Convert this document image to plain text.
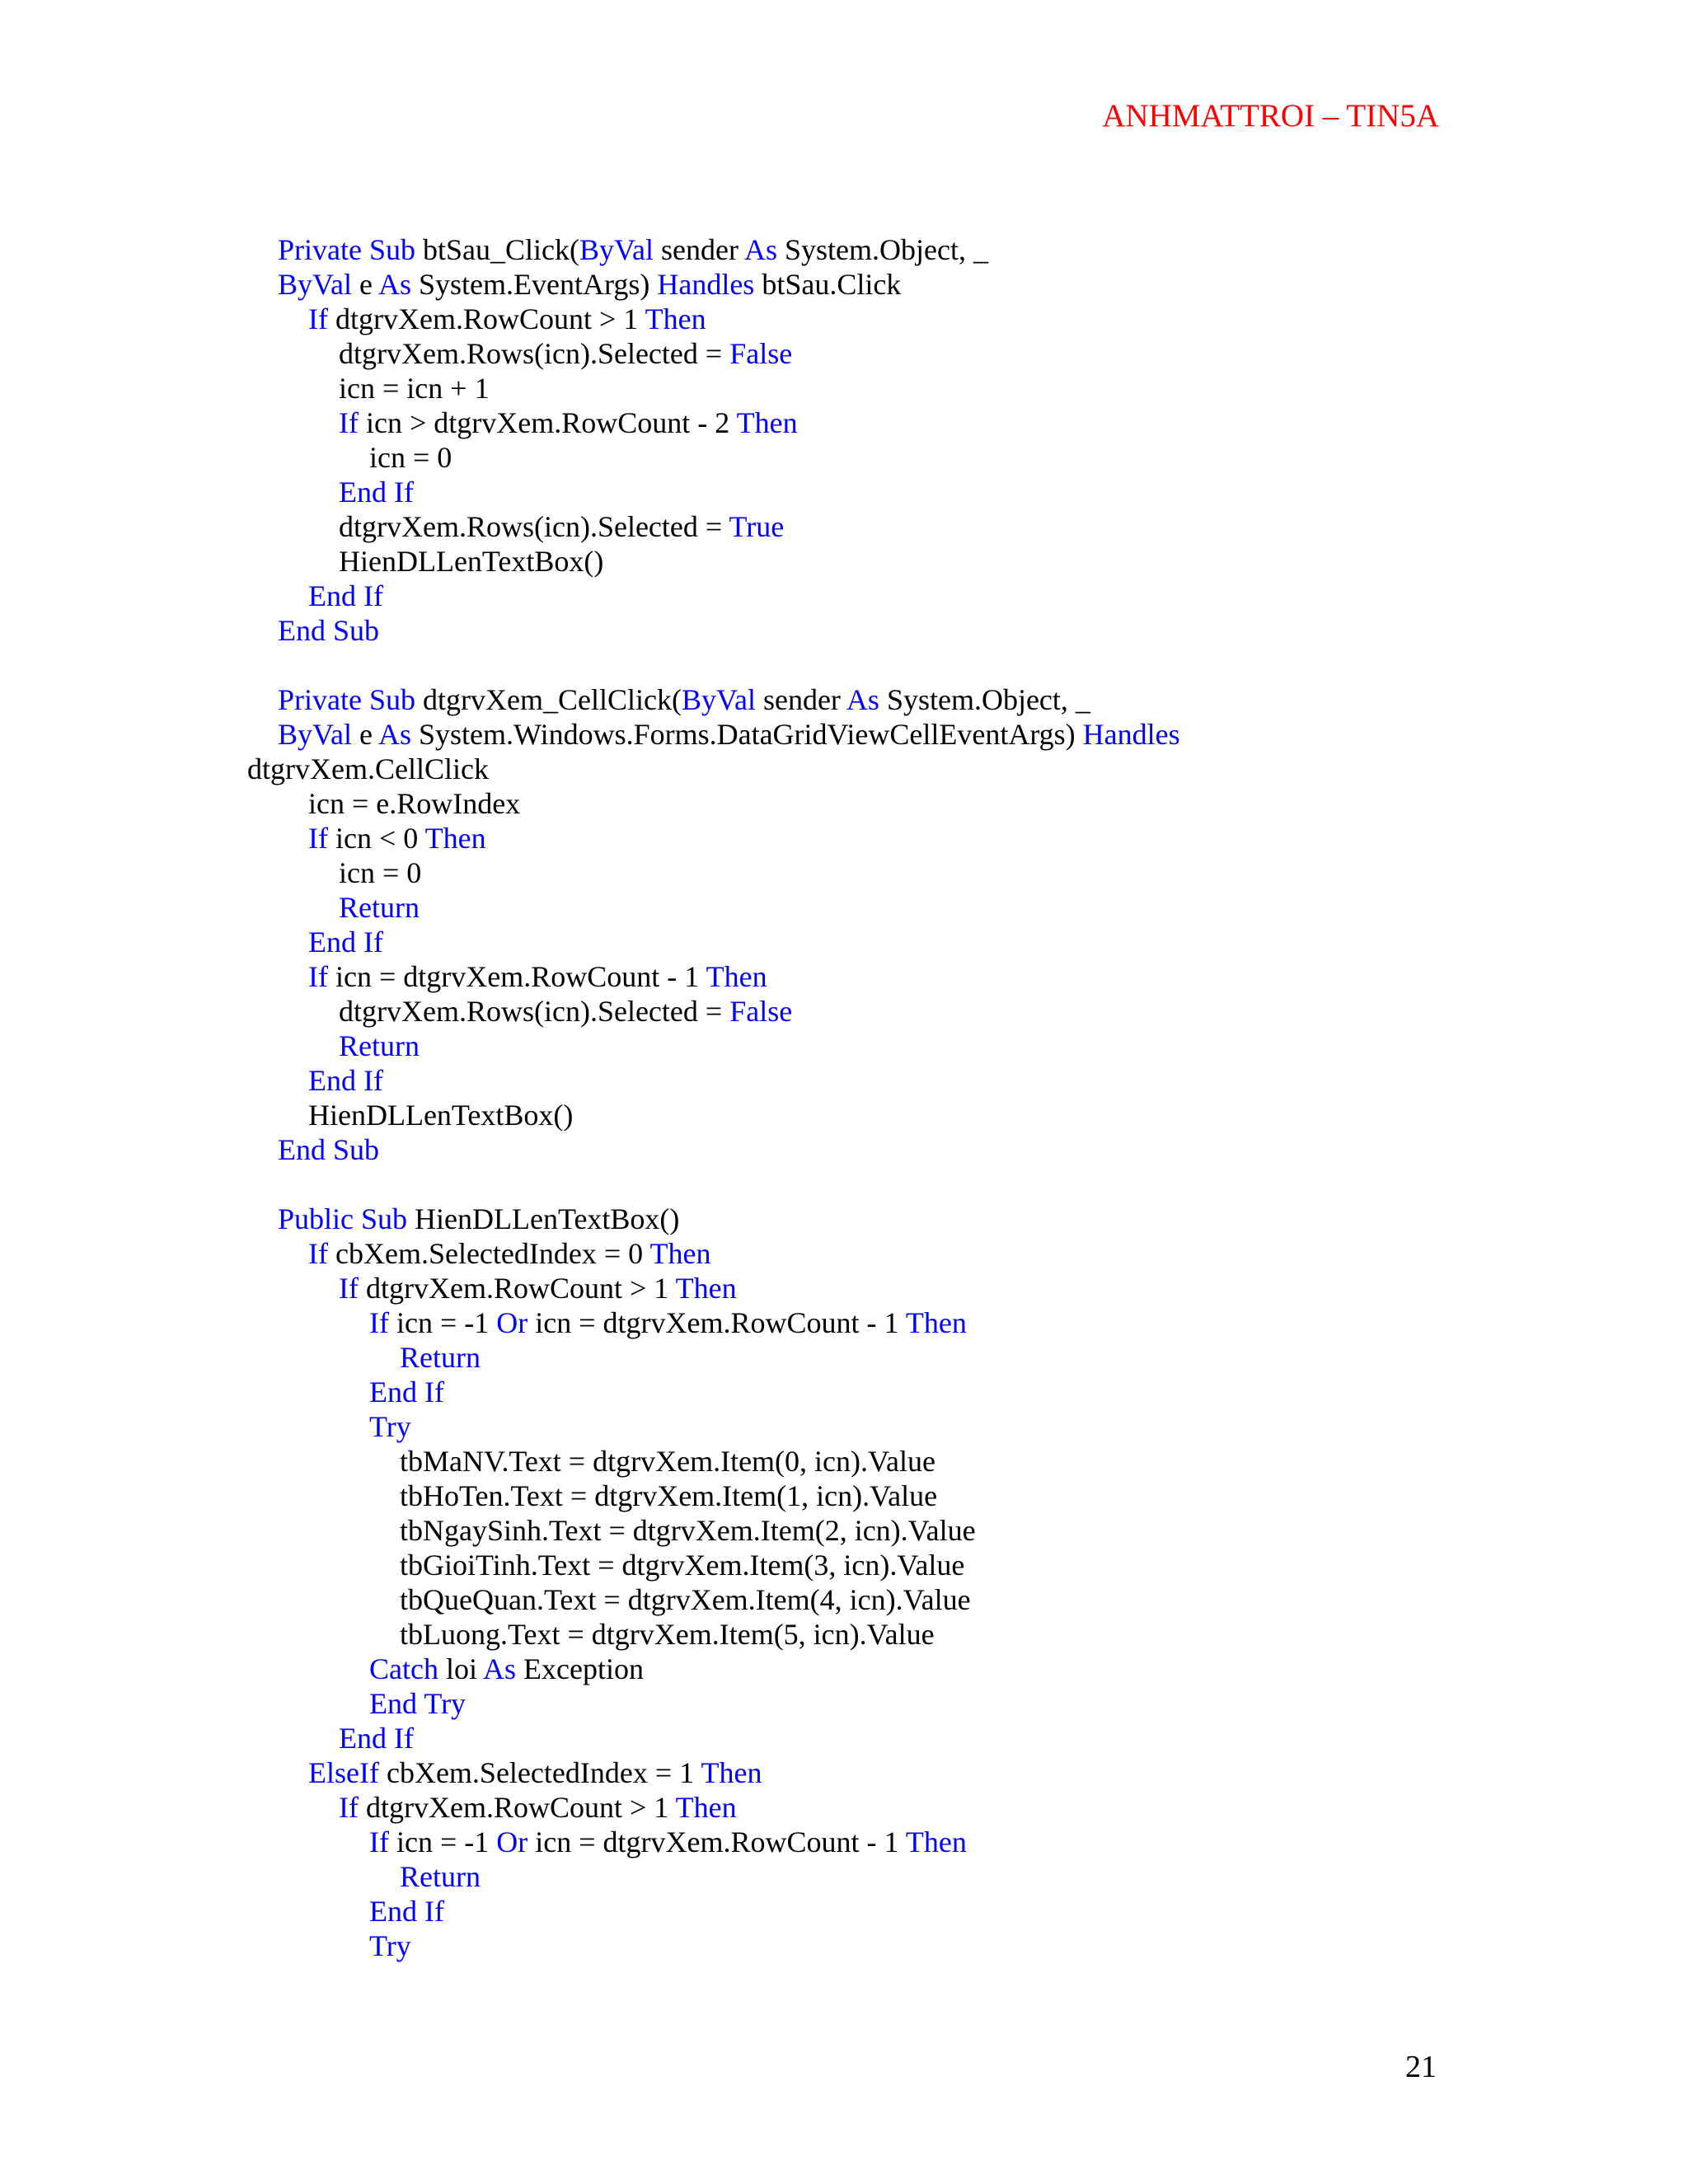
ANHMATTROI – TIN5A
Private Sub btSau_Click(ByVal sender As System.Object, _
ByVal e As System.EventArgs) Handles btSau.Click
If dtgrvXem.RowCount > 1 Then
dtgrvXem.Rows(icn).Selected = False
icn = icn + 1
If icn > dtgrvXem.RowCount - 2 Then
icn = 0
End If
dtgrvXem.Rows(icn).Selected = True
HienDLLenTextBox()
End If
End Sub
Private Sub dtgrvXem_CellClick(ByVal sender As System.Object, _
ByVal e As System.Windows.Forms.DataGridViewCellEventArgs) Handles
dtgrvXem.CellClick
icn = e.RowIndex
If icn < 0 Then
icn = 0
Return
End If
If icn = dtgrvXem.RowCount - 1 Then
dtgrvXem.Rows(icn).Selected = False
Return
End If
HienDLLenTextBox()
End Sub
Public Sub HienDLLenTextBox()
If cbXem.SelectedIndex = 0 Then
If dtgrvXem.RowCount > 1 Then
If icn = -1 Or icn = dtgrvXem.RowCount - 1 Then
Return
End If
Try
tbMaNV.Text = dtgrvXem.Item(0, icn).Value
tbHoTen.Text = dtgrvXem.Item(1, icn).Value
tbNgaySinh.Text = dtgrvXem.Item(2, icn).Value
tbGioiTinh.Text = dtgrvXem.Item(3, icn).Value
tbQueQuan.Text = dtgrvXem.Item(4, icn).Value
tbLuong.Text = dtgrvXem.Item(5, icn).Value
Catch loi As Exception
End Try
End If
ElseIf cbXem.SelectedIndex = 1 Then
If dtgrvXem.RowCount > 1 Then
If icn = -1 Or icn = dtgrvXem.RowCount - 1 Then
Return
End If
Try
21
